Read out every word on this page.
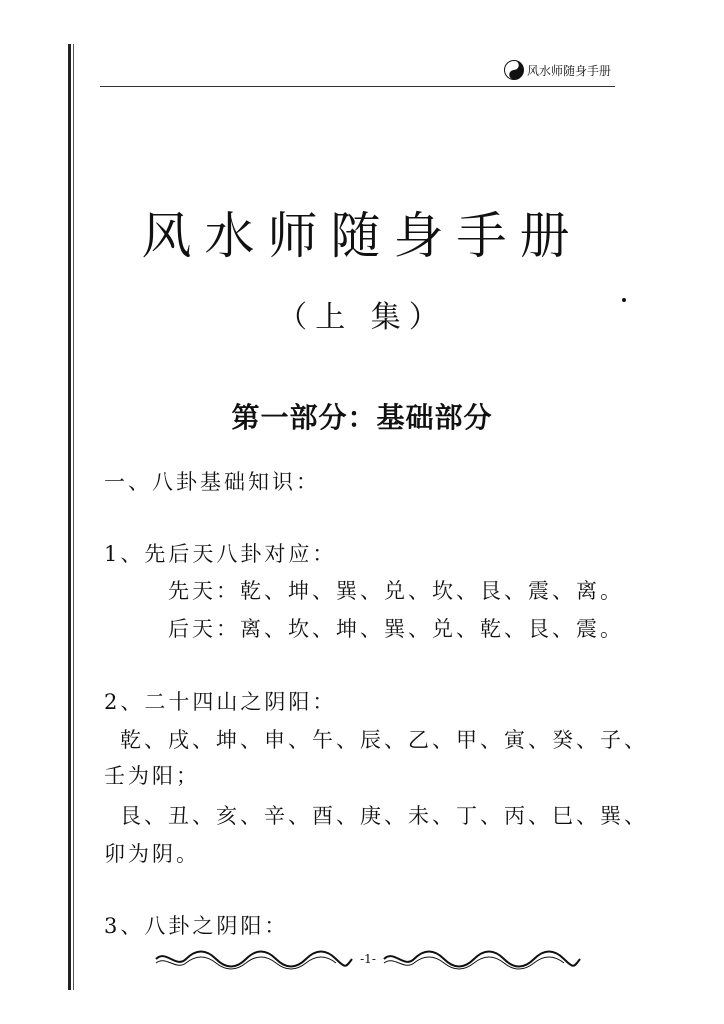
风水师随身手册
风水师随身手册
（上 集）
第一部分：基础部分
一、八卦基础知识：
1、先后天八卦对应：
先天：乾、坤、巽、兑、坎、艮、震、离。
后天：离、坎、坤、巽、兑、乾、艮、震。
2、二十四山之阴阳：
乾、戌、坤、申、午、辰、乙、甲、寅、癸、子、
壬为阳；
艮、丑、亥、辛、酉、庚、未、丁、丙、巳、巽、
卯为阴。
3、八卦之阴阳：
-1-
